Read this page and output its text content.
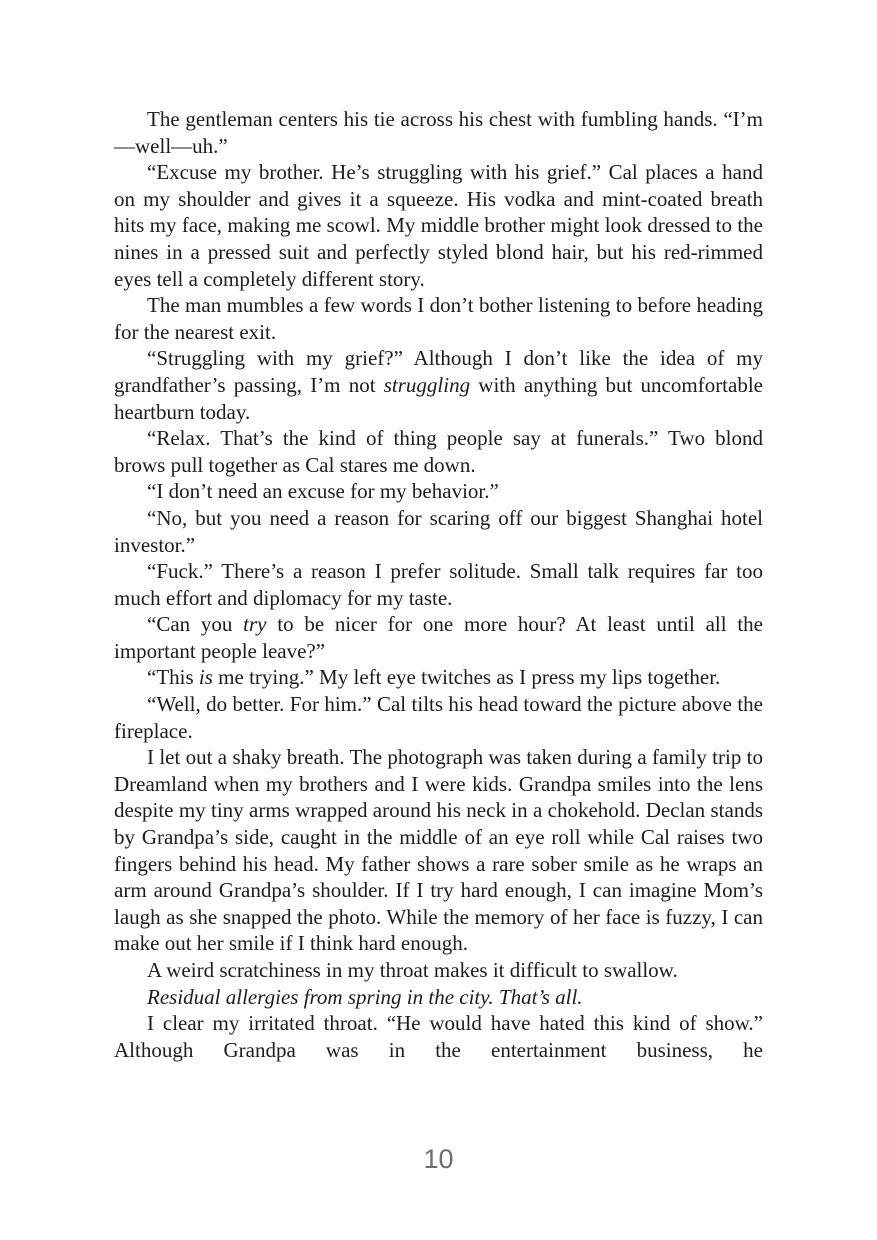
The gentleman centers his tie across his chest with fumbling hands. “I’m—well—uh.”

“Excuse my brother. He’s struggling with his grief.” Cal places a hand on my shoulder and gives it a squeeze. His vodka and mint-coated breath hits my face, making me scowl. My middle brother might look dressed to the nines in a pressed suit and perfectly styled blond hair, but his red-rimmed eyes tell a completely different story.

The man mumbles a few words I don’t bother listening to before heading for the nearest exit.

“Struggling with my grief?” Although I don’t like the idea of my grandfather’s passing, I’m not struggling with anything but uncomfortable heartburn today.

“Relax. That’s the kind of thing people say at funerals.” Two blond brows pull together as Cal stares me down.

“I don’t need an excuse for my behavior.”

“No, but you need a reason for scaring off our biggest Shanghai hotel investor.”

“Fuck.” There’s a reason I prefer solitude. Small talk requires far too much effort and diplomacy for my taste.

“Can you try to be nicer for one more hour? At least until all the important people leave?”

“This is me trying.” My left eye twitches as I press my lips together.

“Well, do better. For him.” Cal tilts his head toward the picture above the fireplace.

I let out a shaky breath. The photograph was taken during a family trip to Dreamland when my brothers and I were kids. Grandpa smiles into the lens despite my tiny arms wrapped around his neck in a chokehold. Declan stands by Grandpa’s side, caught in the middle of an eye roll while Cal raises two fingers behind his head. My father shows a rare sober smile as he wraps an arm around Grandpa’s shoulder. If I try hard enough, I can imagine Mom’s laugh as she snapped the photo. While the memory of her face is fuzzy, I can make out her smile if I think hard enough.

A weird scratchiness in my throat makes it difficult to swallow.

Residual allergies from spring in the city. That’s all.

I clear my irritated throat. “He would have hated this kind of show.” Although Grandpa was in the entertainment business, he

10
